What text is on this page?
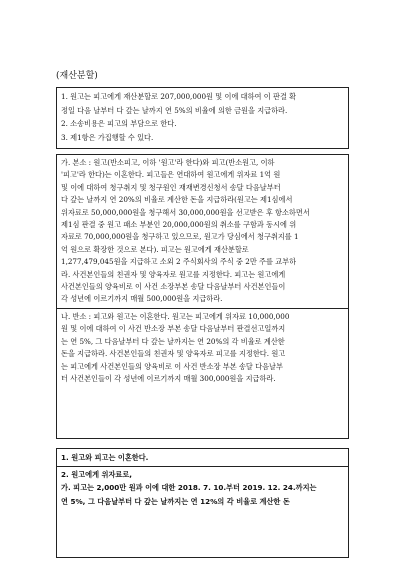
(재산분할)
1. 원고는 피고에게 재산분할로 207,000,000원 및 이에 대하여 이 판결 확
정일 다음 날부터 다 갚는 날까지 연 5%의 비율에 의한 금원을 지급하라.
2. 소송비용은 피고의 부담으로 한다.
3. 제1항은 가집행할 수 있다.
가. 본소 : 원고(반소피고, 이하 '원고'라 한다)와 피고(반소원고, 이하
'피고'라 한다)는 이혼한다. 피고들은 연대하여 원고에게 위자료 1억 원
및 이에 대하여 청구취지 및 청구원인 재재변경신청서 송달 다음날부터
다 갚는 날까지 연 20%의 비율로 계산한 돈을 지급하라(원고는 제1심에서
위자료로 50,000,000원을 청구해서 30,000,000원을 선고받은 후 항소하면서
제1심 판결 중 원고 패소 부분인 20,000,000원의 취소를 구함과 동시에 위
자료로 70,000,000원을 청구하고 있으므로, 원고가 당심에서 청구취지를 1
억 원으로 확장한 것으로 본다). 피고는 원고에게 재산분할로
1,277,479,045원을 지급하고 소외 2 주식회사의 주식 중 2만 주를 교부하
라. 사건본인들의 친권자 및 양육자로 원고를 지정한다. 피고는 원고에게
사건본인들의 양육비로 이 사건 소장부본 송달 다음날부터 사건본인들이
각 성년에 이르기까지 매월 500,000원을 지급하라.
나. 반소 : 피고와 원고는 이혼한다. 원고는 피고에게 위자료 10,000,000
원 및 이에 대하여 이 사건 반소장 부본 송달 다음날부터 판결선고일까지
는 연 5%, 그 다음날부터 다 갚는 날까지는 연 20%의 각 비율로 계산한
돈을 지급하라. 사건본인들의 친권자 및 양육자로 피고를 지정한다. 원고
는 피고에게 사건본인들의 양육비로 이 사건 반소장 부본 송달 다음날부
터 사건본인들이 각 성년에 이르기까지 매월 300,000원을 지급하라.
1. 원고와 피고는 이혼한다.
2. 원고에게 위자료로,
가. 피고는 2,000만 원과 이에 대한 2018. 7. 10.부터 2019. 12. 24.까지는
연 5%, 그 다음날부터 다 갚는 날까지는 연 12%의 각 비율로 계산한 돈
